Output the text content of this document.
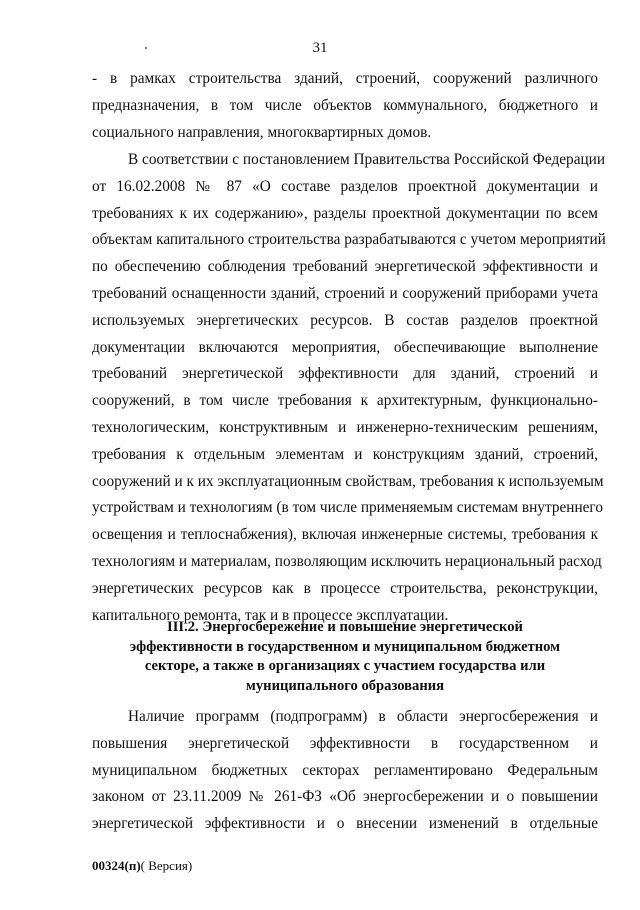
31
- в рамках строительства зданий, строений, сооружений различного
предназначения, в том числе объектов коммунального, бюджетного и
социального направления, многоквартирных домов.
В соответствии с постановлением Правительства Российской Федерации
от 16.02.2008 № 87 «О составе разделов проектной документации и
требованиях к их содержанию», разделы проектной документации по всем
объектам капитального строительства разрабатываются с учетом мероприятий
по обеспечению соблюдения требований энергетической эффективности и
требований оснащенности зданий, строений и сооружений приборами учета
используемых энергетических ресурсов. В состав разделов проектной
документации включаются мероприятия, обеспечивающие выполнение
требований энергетической эффективности для зданий, строений и
сооружений, в том числе требования к архитектурным, функционально-
технологическим, конструктивным и инженерно-техническим решениям,
требования к отдельным элементам и конструкциям зданий, строений,
сооружений и к их эксплуатационным свойствам, требования к используемым
устройствам и технологиям (в том числе применяемым системам внутреннего
освещения и теплоснабжения), включая инженерные системы, требования к
технологиям и материалам, позволяющим исключить нерациональный расход
энергетических ресурсов как в процессе строительства, реконструкции,
капитального ремонта, так и в процессе эксплуатации.
III.2. Энергосбережение и повышение энергетической
эффективности в государственном и муниципальном бюджетном
секторе, а также в организациях с участием государства или
муниципального образования
Наличие программ (подпрограмм) в области энергосбережения и
повышения энергетической эффективности в государственном и
муниципальном бюджетных секторах регламентировано Федеральным
законом от 23.11.2009 № 261-ФЗ «Об энергосбережении и о повышении
энергетической эффективности и о внесении изменений в отдельные
00324(п)( Версия)
